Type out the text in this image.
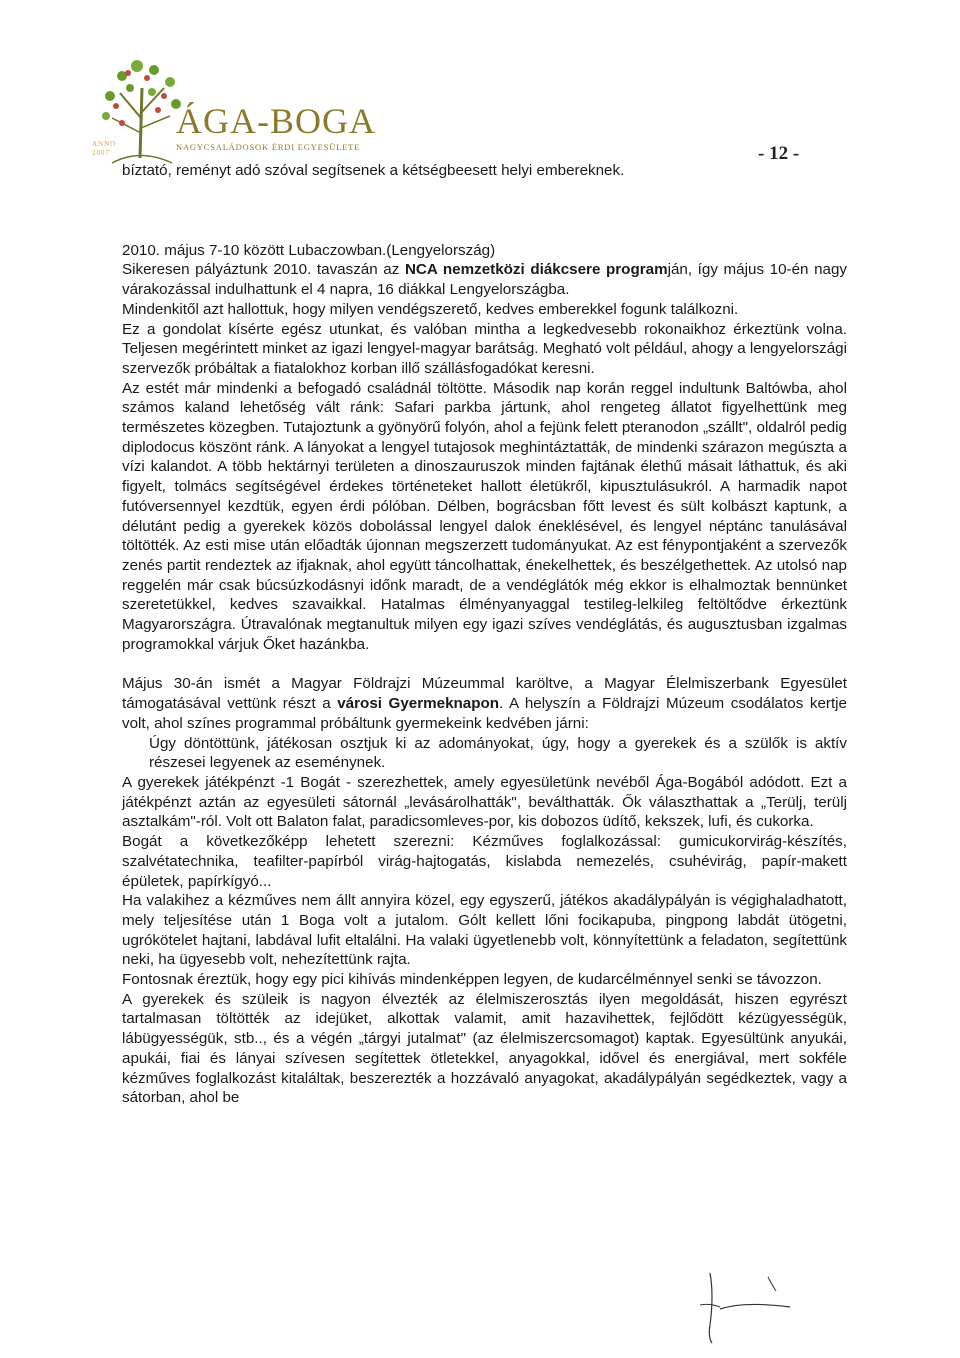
ÁGA-BOGA
NAGYCSALÁDOSOK ÉRDI EGYESÜLETE
ANNO
2007	- 12 -

bíztató, reményt adó szóval segítsenek a kétségbeesett helyi embereknek.

2010. május 7-10 között Lubaczowban.(Lengyelország)

Sikeresen pályáztunk 2010. tavaszán az NCA nemzetközi diákcsere programján, így május 10-én nagy várakozással indulhattunk el 4 napra, 16 diákkal Lengyelországba.

Mindenkitől azt hallottuk, hogy milyen vendégszerető, kedves emberekkel fogunk találkozni.

Ez a gondolat kísérte egész utunkat, és valóban mintha a legkedvesebb rokonaikhoz érkeztünk volna. Teljesen megérintett minket az igazi lengyel-magyar barátság. Megható volt például, ahogy a lengyelországi szervezők próbáltak a fiatalokhoz korban illő szállásfogadókat keresni.

Az estét már mindenki a befogadó családnál töltötte. Második nap korán reggel indultunk Baltówba, ahol számos kaland lehetőség vált ránk: Safari parkba jártunk, ahol rengeteg állatot figyelhettünk meg természetes közegben. Tutajoztunk a gyönyörű folyón, ahol a fejünk felett pteranodon „szállt", oldalról pedig diplodocus köszönt ránk. A lányokat a lengyel tutajosok meghintáztatták, de mindenki szárazon megúszta a vízi kalandot. A több hektárnyi területen a dinoszauruszok minden fajtának élethű másait láthattuk, és aki figyelt, tolmács segítségével érdekes történeteket hallott életükről, kipusztulásukról. A harmadik napot futóversennyel kezdtük, egyen érdi pólóban. Délben, bográcsban főtt levest és sült kolbászt kaptunk, a délutánt pedig a gyerekek közös dobolással lengyel dalok éneklésével, és lengyel néptánc tanulásával töltötték. Az esti mise után előadták újonnan megszerzett tudományukat. Az est fénypontjaként a szervezők zenés partit rendeztek az ifjaknak, ahol együtt táncolhattak, énekelhettek, és beszélgethettek. Az utolsó nap reggelén már csak búcsúzkodásnyi időnk maradt, de a vendéglátók még ekkor is elhalmoztak bennünket szeretetükkel, kedves szavaikkal. Hatalmas élményanyaggal testileg-lelkileg feltöltődve érkeztünk Magyarországra. Útravalónak megtanultuk milyen egy igazi szíves vendéglátás, és augusztusban izgalmas programokkal várjuk Őket hazánkba.

Május 30-án ismét a Magyar Földrajzi Múzeummal karöltve, a Magyar Élelmiszerbank Egyesület támogatásával vettünk részt a városi Gyermeknapon. A helyszín a Földrajzi Múzeum csodálatos kertje volt, ahol színes programmal próbáltunk gyermekeink kedvében járni:

Úgy döntöttünk, játékosan osztjuk ki az adományokat, úgy, hogy a gyerekek és a szülők is aktív részesei legyenek az eseménynek.

A gyerekek játékpénzt -1 Bogát - szerezhettek, amely egyesületünk nevéből Ága-Bogából adódott. Ezt a játékpénzt aztán az egyesületi sátornál „levásárolhatták", beválthatták. Ők választhattak a „Terülj, terülj asztalkám"-ról. Volt ott Balaton falat, paradicsomleves-por, kis dobozos üdítő, kekszek, lufi, és cukorka.

Bogát a következőképp lehetett szerezni: Kézműves foglalkozással: gumicukorvirág-készítés, szalvétatechnika, teafilter-papírból virág-hajtogatás, kislabda nemezelés, csuhévirág, papír-makett épületek, papírkígyó...

Ha valakihez a kézműves nem állt annyira közel, egy egyszerű, játékos akadálypályán is végighaladhatott, mely teljesítése után 1 Boga volt a jutalom. Gólt kellett lőni focikapuba, pingpong labdát ütögetni, ugrókötelet hajtani, labdával lufit eltalálni. Ha valaki ügyetlenebb volt, könnyítettünk a feladaton, segítettünk neki, ha ügyesebb volt, nehezítettünk rajta.

Fontosnak éreztük, hogy egy pici kihívás mindenképpen legyen, de kudarcélménnyel senki se távozzon.

A gyerekek és szüleik is nagyon élvezték az élelmiszerosztás ilyen megoldását, hiszen egyrészt tartalmasan töltötték az idejüket, alkottak valamit, amit hazavihettek, fejlődött kézügyességük, lábügyességük, stb.., és a végén „tárgyi jutalmat" (az élelmiszercsomagot) kaptak. Egyesültünk anyukái, apukái, fiai és lányai szívesen segítettek ötletekkel, anyagokkal, idővel és energiával, mert sokféle kézműves foglalkozást kitaláltak, beszerezték a hozzávaló anyagokat, akadálypályán segédkeztek, vagy a sátorban, ahol be
